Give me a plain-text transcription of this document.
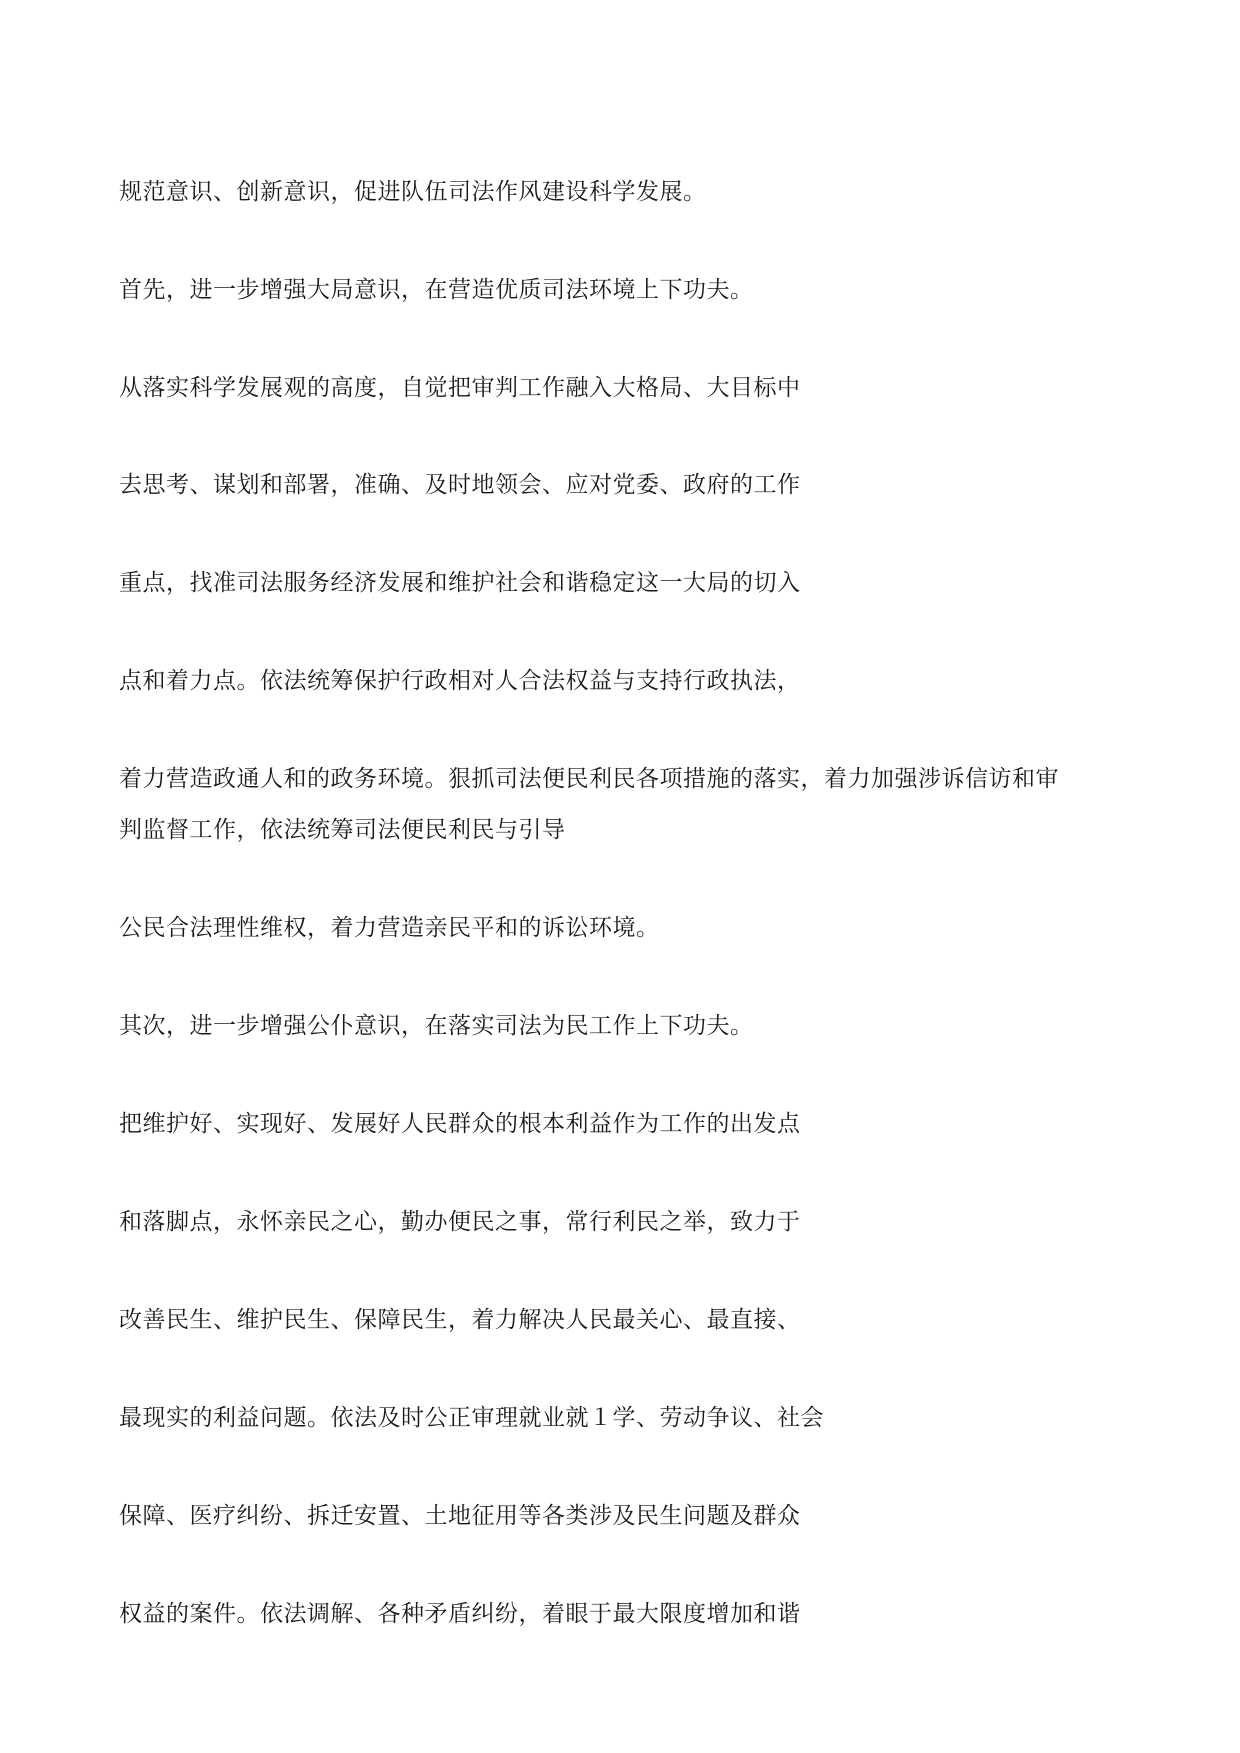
规范意识、创新意识，促进队伍司法作风建设科学发展。

首先，进一步增强大局意识，在营造优质司法环境上下功夫。

从落实科学发展观的高度，自觉把审判工作融入大格局、大目标中

去思考、谋划和部署，准确、及时地领会、应对党委、政府的工作

重点，找准司法服务经济发展和维护社会和谐稳定这一大局的切入

点和着力点。依法统筹保护行政相对人合法权益与支持行政执法，

着力营造政通人和的政务环境。狠抓司法便民利民各项措施的落实，着力加强涉诉信访和审

判监督工作，依法统筹司法便民利民与引导

公民合法理性维权，着力营造亲民平和的诉讼环境。

其次，进一步增强公仆意识，在落实司法为民工作上下功夫。

把维护好、实现好、发展好人民群众的根本利益作为工作的出发点

和落脚点，永怀亲民之心，勤办便民之事，常行利民之举，致力于

改善民生、维护民生、保障民生，着力解决人民最关心、最直接、

最现实的利益问题。依法及时公正审理就业就１学、劳动争议、社会

保障、医疗纠纷、拆迁安置、土地征用等各类涉及民生问题及群众

权益的案件。依法调解、各种矛盾纠纷，着眼于最大限度增加和谐
